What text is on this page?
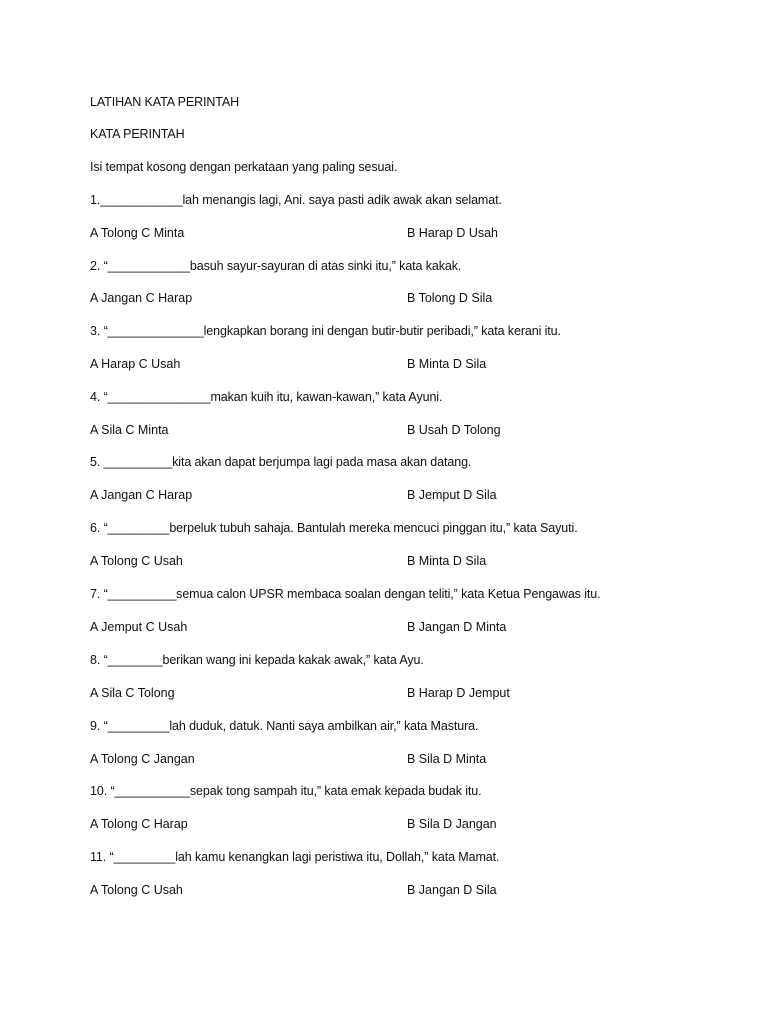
LATIHAN KATA PERINTAH
KATA PERINTAH
Isi tempat kosong dengan perkataan yang paling sesuai.
1.____________lah menangis lagi, Ani. saya pasti adik awak akan selamat.
A Tolong C Minta	B Harap D Usah
2. “____________basuh sayur-sayuran di atas sinki itu,” kata kakak.
A Jangan C Harap	B Tolong D Sila
3. “______________lengkapkan borang ini dengan butir-butir peribadi,” kata kerani itu.
A Harap C Usah	B Minta D Sila
4. “_______________makan kuih itu, kawan-kawan,” kata Ayuni.
A Sila C Minta	B Usah D Tolong
5. __________kita akan dapat berjumpa lagi pada masa akan datang.
A Jangan C Harap	B Jemput D Sila
6. “_________berpeluk tubuh sahaja. Bantulah mereka mencuci pinggan itu,” kata Sayuti.
A Tolong C Usah	B Minta D Sila
7. “__________semua calon UPSR membaca soalan dengan teliti,” kata Ketua Pengawas itu.
A Jemput C Usah	B Jangan D Minta
8. “________berikan wang ini kepada kakak awak,” kata Ayu.
A Sila C Tolong	B Harap D Jemput
9. “_________lah duduk, datuk. Nanti saya ambilkan air,” kata Mastura.
A Tolong C Jangan	B Sila D Minta
10. “___________sepak tong sampah itu,” kata emak kepada budak itu.
A Tolong C Harap	B Sila D Jangan
11. “_________lah kamu kenangkan lagi peristiwa itu, Dollah,” kata Mamat.
A Tolong C Usah	B Jangan D Sila
